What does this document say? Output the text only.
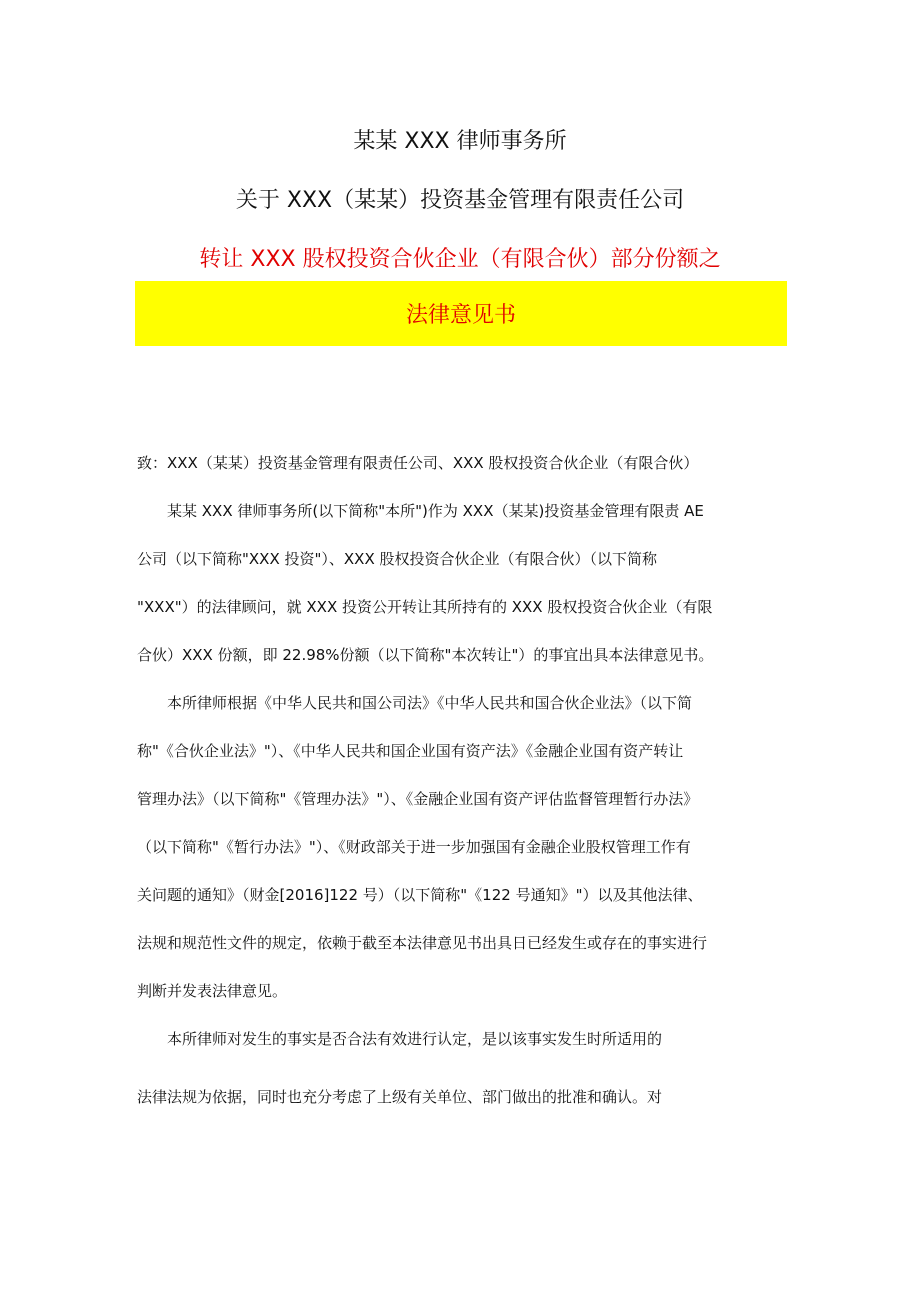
某某 XXX 律师事务所
关于 XXX（某某）投资基金管理有限责任公司
转让 XXX 股权投资合伙企业（有限合伙）部分份额之
法律意见书
致：XXX（某某）投资基金管理有限责任公司、XXX 股权投资合伙企业（有限合伙）
某某 XXX 律师事务所(以下简称"本所")作为 XXX（某某)投资基金管理有限责 AE
公司（以下简称"XXX 投资"）、XXX 股权投资合伙企业（有限合伙）（以下简称
"XXX"）的法律顾问，就 XXX 投资公开转让其所持有的 XXX 股权投资合伙企业（有限
合伙）XXX 份额，即 22.98%份额（以下简称"本次转让"）的事宜出具本法律意见书。
本所律师根据《中华人民共和国公司法》《中华人民共和国合伙企业法》（以下简
称"《合伙企业法》"）、《中华人民共和国企业国有资产法》《金融企业国有资产转让
管理办法》（以下简称"《管理办法》"）、《金融企业国有资产评估监督管理暂行办法》
（以下简称"《暂行办法》"）、《财政部关于进一步加强国有金融企业股权管理工作有
关问题的通知》（财金[2016]122 号）（以下简称"《122 号通知》"）以及其他法律、
法规和规范性文件的规定，依赖于截至本法律意见书出具日已经发生或存在的事实进行
判断并发表法律意见。
本所律师对发生的事实是否合法有效进行认定，是以该事实发生时所适用的
法律法规为依据，同时也充分考虑了上级有关单位、部门做出的批准和确认。对
